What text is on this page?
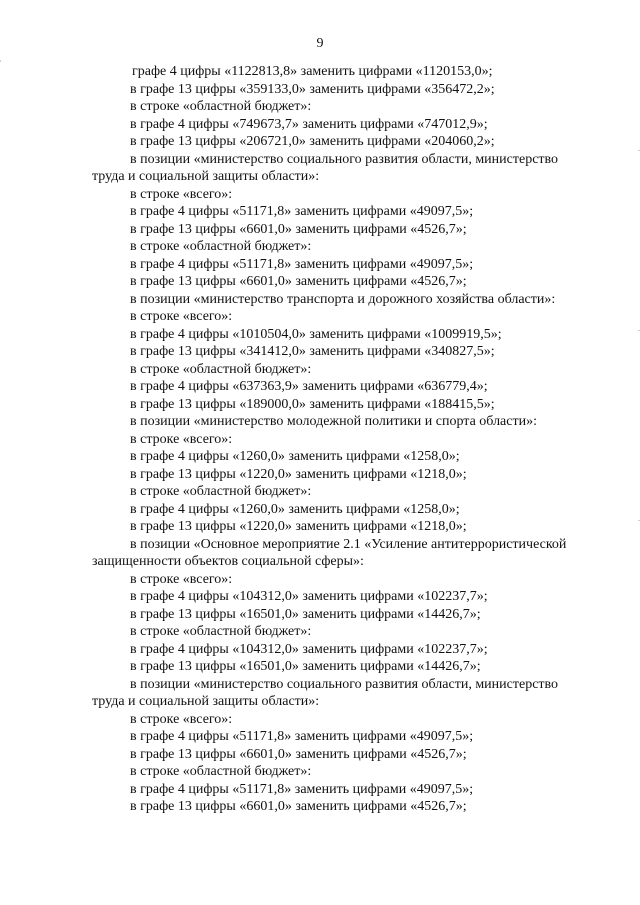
9
графе 4 цифры «1122813,8» заменить цифрами «1120153,0»;
в графе 13 цифры «359133,0» заменить цифрами «356472,2»;
в строке «областной бюджет»:
в графе 4 цифры «749673,7» заменить цифрами «747012,9»;
в графе 13 цифры «206721,0» заменить цифрами «204060,2»;
в позиции «министерство социального развития области, министерство
труда и социальной защиты области»:
в строке «всего»:
в графе 4 цифры «51171,8» заменить цифрами «49097,5»;
в графе 13 цифры «6601,0» заменить цифрами «4526,7»;
в строке «областной бюджет»:
в графе 4 цифры «51171,8» заменить цифрами «49097,5»;
в графе 13 цифры «6601,0» заменить цифрами «4526,7»;
в позиции «министерство транспорта и дорожного хозяйства области»:
в строке «всего»:
в графе 4 цифры «1010504,0» заменить цифрами «1009919,5»;
в графе 13 цифры «341412,0» заменить цифрами «340827,5»;
в строке «областной бюджет»:
в графе 4 цифры «637363,9» заменить цифрами «636779,4»;
в графе 13 цифры «189000,0» заменить цифрами «188415,5»;
в позиции «министерство молодежной политики и спорта области»:
в строке «всего»:
в графе 4 цифры «1260,0» заменить цифрами «1258,0»;
в графе 13 цифры «1220,0» заменить цифрами «1218,0»;
в строке «областной бюджет»:
в графе 4 цифры «1260,0» заменить цифрами «1258,0»;
в графе 13 цифры «1220,0» заменить цифрами «1218,0»;
в позиции «Основное мероприятие 2.1 «Усиление антитеррористической
защищенности объектов социальной сферы»:
в строке «всего»:
в графе 4 цифры «104312,0» заменить цифрами «102237,7»;
в графе 13 цифры «16501,0» заменить цифрами «14426,7»;
в строке «областной бюджет»:
в графе 4 цифры «104312,0» заменить цифрами «102237,7»;
в графе 13 цифры «16501,0» заменить цифрами «14426,7»;
в позиции «министерство социального развития области, министерство
труда и социальной защиты области»:
в строке «всего»:
в графе 4 цифры «51171,8» заменить цифрами «49097,5»;
в графе 13 цифры «6601,0» заменить цифрами «4526,7»;
в строке «областной бюджет»:
в графе 4 цифры «51171,8» заменить цифрами «49097,5»;
в графе 13 цифры «6601,0» заменить цифрами «4526,7»;
